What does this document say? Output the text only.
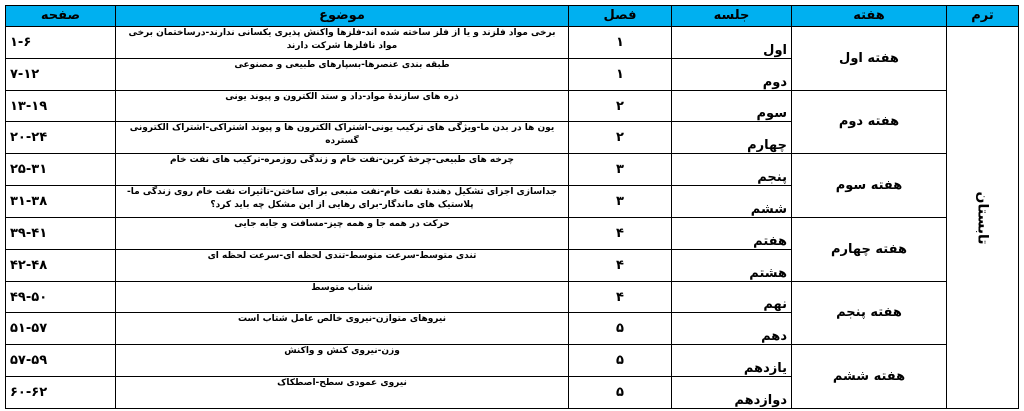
ترم	هفته	جلسه	فصل	موضوع	صفحه
تابستان	هفته اول	اول	۱	برخی مواد فلزند و یا از فلز ساخته شده اند-فلزها واکنش پذیری یکسانی ندارند-درساختمان برخی مواد نافلزها شرکت دارند	۱-۶
		دوم	۱	طبقه بندی عنصرها-بسپارهای طبیعی و مصنوعی	۷-۱۲
	هفته دوم	سوم	۲	ذره های سازندهٔ مواد-داد و ستد الکترون و پیوند یونی	۱۳-۱۹
		چهارم	۲	یون ها در بدن ما-ویژگی های ترکیب یونی-اشتراک الکترون ها و پیوند اشتراکی-اشتراک الکترونی گسترده	۲۰-۲۴
	هفته سوم	پنجم	۳	چرخه های طبیعی-چرخهٔ کربن-نفت خام و زندگی روزمره-ترکیب های نفت خام	۲۵-۳۱
		ششم	۳	جداسازی اجزای تشکیل دهندهٔ نفت خام-نفت منبعی برای ساختن-تاثیرات نفت خام روی زندگی ما-پلاستیک های ماندگار-برای رهایی از این مشکل چه باید کرد؟	۳۱-۳۸
	هفته چهارم	هفتم	۴	حرکت در همه جا و همه چیز-مسافت و جابه جایی	۳۹-۴۱
		هشتم	۴	تندی متوسط-سرعت متوسط-تندی لحظه ای-سرعت لحظه ای	۴۲-۴۸
	هفته پنجم	نهم	۴	شتاب متوسط	۴۹-۵۰
		دهم	۵	نیروهای متوازن-نیروی خالص عامل شتاب است	۵۱-۵۷
	هفته ششم	یازدهم	۵	وزن-نیروی کنش و واکنش	۵۷-۵۹
		دوازدهم	۵	نیروی عمودی سطح-اصطکاک	۶۰-۶۲
